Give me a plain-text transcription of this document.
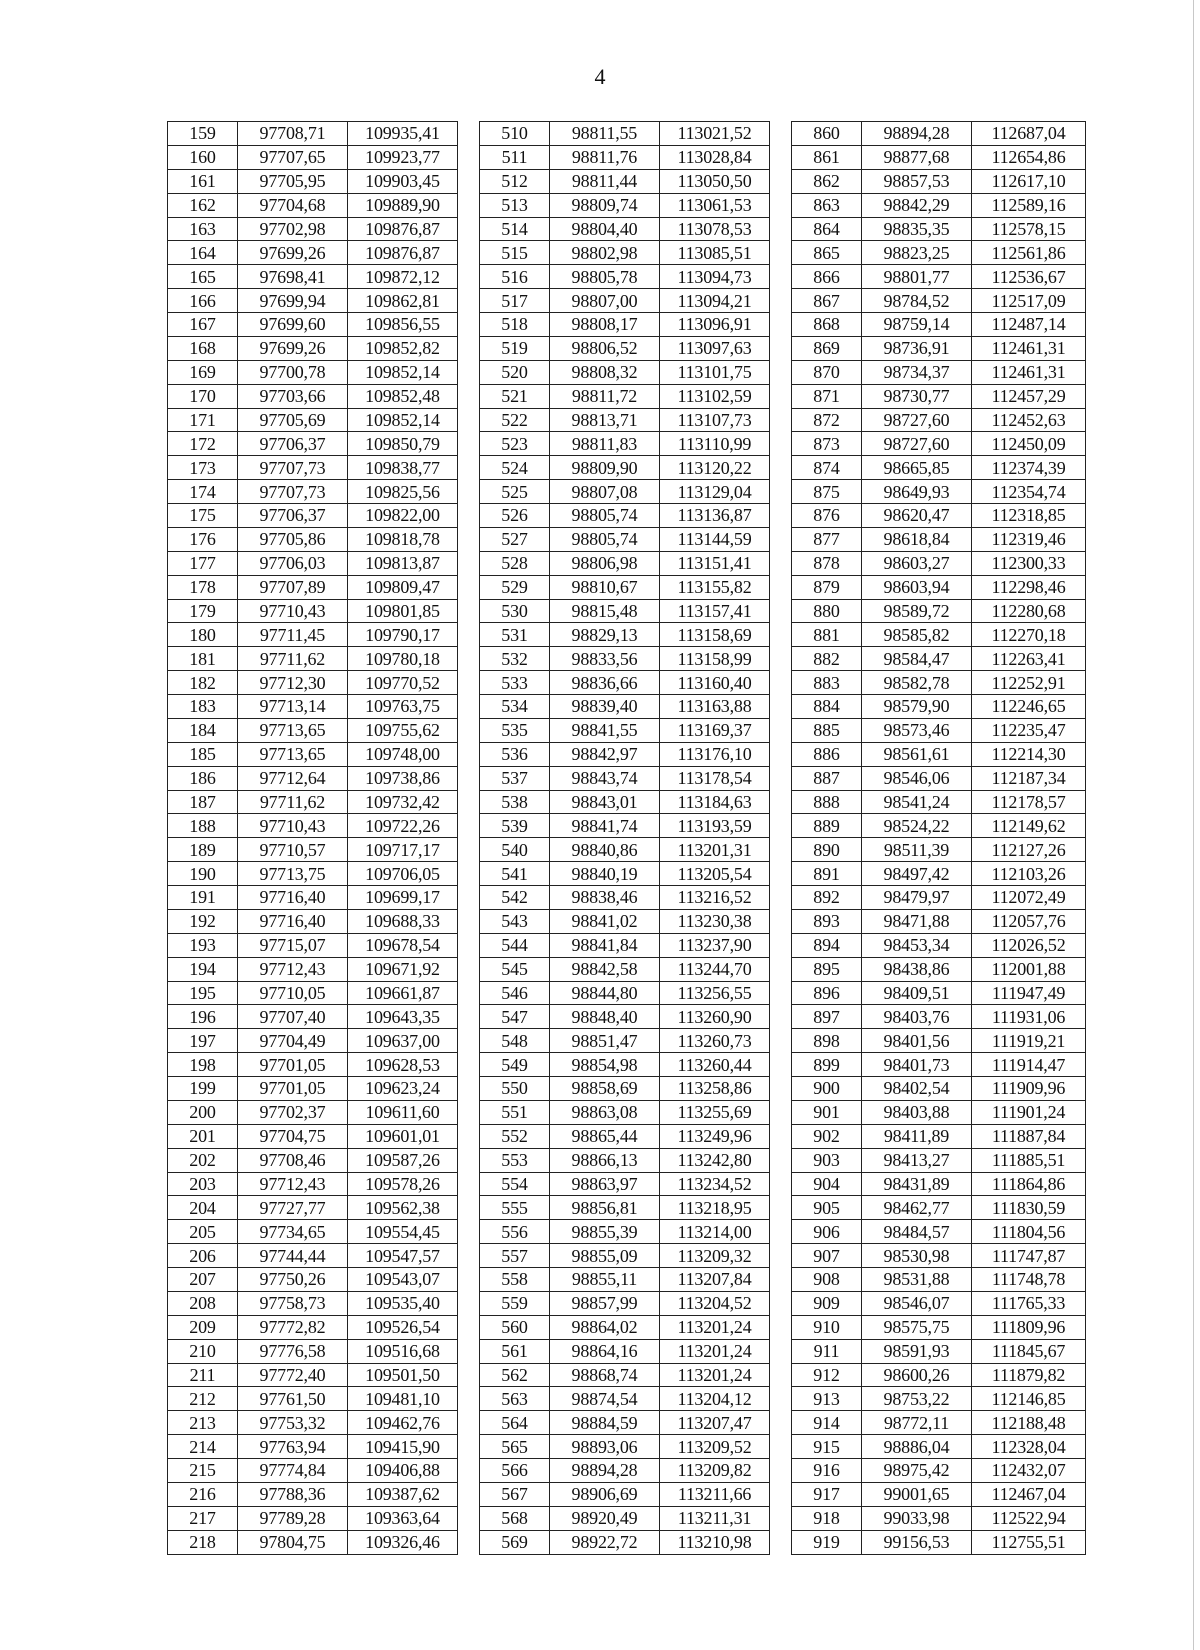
4
159	97708,71	109935,41		510	98811,55	113021,52		860	98894,28	112687,04
160	97707,65	109923,77		511	98811,76	113028,84		861	98877,68	112654,86
161	97705,95	109903,45		512	98811,44	113050,50		862	98857,53	112617,10
162	97704,68	109889,90		513	98809,74	113061,53		863	98842,29	112589,16
163	97702,98	109876,87		514	98804,40	113078,53		864	98835,35	112578,15
164	97699,26	109876,87		515	98802,98	113085,51		865	98823,25	112561,86
165	97698,41	109872,12		516	98805,78	113094,73		866	98801,77	112536,67
166	97699,94	109862,81		517	98807,00	113094,21		867	98784,52	112517,09
167	97699,60	109856,55		518	98808,17	113096,91		868	98759,14	112487,14
168	97699,26	109852,82		519	98806,52	113097,63		869	98736,91	112461,31
169	97700,78	109852,14		520	98808,32	113101,75		870	98734,37	112461,31
170	97703,66	109852,48		521	98811,72	113102,59		871	98730,77	112457,29
171	97705,69	109852,14		522	98813,71	113107,73		872	98727,60	112452,63
172	97706,37	109850,79		523	98811,83	113110,99		873	98727,60	112450,09
173	97707,73	109838,77		524	98809,90	113120,22		874	98665,85	112374,39
174	97707,73	109825,56		525	98807,08	113129,04		875	98649,93	112354,74
175	97706,37	109822,00		526	98805,74	113136,87		876	98620,47	112318,85
176	97705,86	109818,78		527	98805,74	113144,59		877	98618,84	112319,46
177	97706,03	109813,87		528	98806,98	113151,41		878	98603,27	112300,33
178	97707,89	109809,47		529	98810,67	113155,82		879	98603,94	112298,46
179	97710,43	109801,85		530	98815,48	113157,41		880	98589,72	112280,68
180	97711,45	109790,17		531	98829,13	113158,69		881	98585,82	112270,18
181	97711,62	109780,18		532	98833,56	113158,99		882	98584,47	112263,41
182	97712,30	109770,52		533	98836,66	113160,40		883	98582,78	112252,91
183	97713,14	109763,75		534	98839,40	113163,88		884	98579,90	112246,65
184	97713,65	109755,62		535	98841,55	113169,37		885	98573,46	112235,47
185	97713,65	109748,00		536	98842,97	113176,10		886	98561,61	112214,30
186	97712,64	109738,86		537	98843,74	113178,54		887	98546,06	112187,34
187	97711,62	109732,42		538	98843,01	113184,63		888	98541,24	112178,57
188	97710,43	109722,26		539	98841,74	113193,59		889	98524,22	112149,62
189	97710,57	109717,17		540	98840,86	113201,31		890	98511,39	112127,26
190	97713,75	109706,05		541	98840,19	113205,54		891	98497,42	112103,26
191	97716,40	109699,17		542	98838,46	113216,52		892	98479,97	112072,49
192	97716,40	109688,33		543	98841,02	113230,38		893	98471,88	112057,76
193	97715,07	109678,54		544	98841,84	113237,90		894	98453,34	112026,52
194	97712,43	109671,92		545	98842,58	113244,70		895	98438,86	112001,88
195	97710,05	109661,87		546	98844,80	113256,55		896	98409,51	111947,49
196	97707,40	109643,35		547	98848,40	113260,90		897	98403,76	111931,06
197	97704,49	109637,00		548	98851,47	113260,73		898	98401,56	111919,21
198	97701,05	109628,53		549	98854,98	113260,44		899	98401,73	111914,47
199	97701,05	109623,24		550	98858,69	113258,86		900	98402,54	111909,96
200	97702,37	109611,60		551	98863,08	113255,69		901	98403,88	111901,24
201	97704,75	109601,01		552	98865,44	113249,96		902	98411,89	111887,84
202	97708,46	109587,26		553	98866,13	113242,80		903	98413,27	111885,51
203	97712,43	109578,26		554	98863,97	113234,52		904	98431,89	111864,86
204	97727,77	109562,38		555	98856,81	113218,95		905	98462,77	111830,59
205	97734,65	109554,45		556	98855,39	113214,00		906	98484,57	111804,56
206	97744,44	109547,57		557	98855,09	113209,32		907	98530,98	111747,87
207	97750,26	109543,07		558	98855,11	113207,84		908	98531,88	111748,78
208	97758,73	109535,40		559	98857,99	113204,52		909	98546,07	111765,33
209	97772,82	109526,54		560	98864,02	113201,24		910	98575,75	111809,96
210	97776,58	109516,68		561	98864,16	113201,24		911	98591,93	111845,67
211	97772,40	109501,50		562	98868,74	113201,24		912	98600,26	111879,82
212	97761,50	109481,10		563	98874,54	113204,12		913	98753,22	112146,85
213	97753,32	109462,76		564	98884,59	113207,47		914	98772,11	112188,48
214	97763,94	109415,90		565	98893,06	113209,52		915	98886,04	112328,04
215	97774,84	109406,88		566	98894,28	113209,82		916	98975,42	112432,07
216	97788,36	109387,62		567	98906,69	113211,66		917	99001,65	112467,04
217	97789,28	109363,64		568	98920,49	113211,31		918	99033,98	112522,94
218	97804,75	109326,46		569	98922,72	113210,98		919	99156,53	112755,51
